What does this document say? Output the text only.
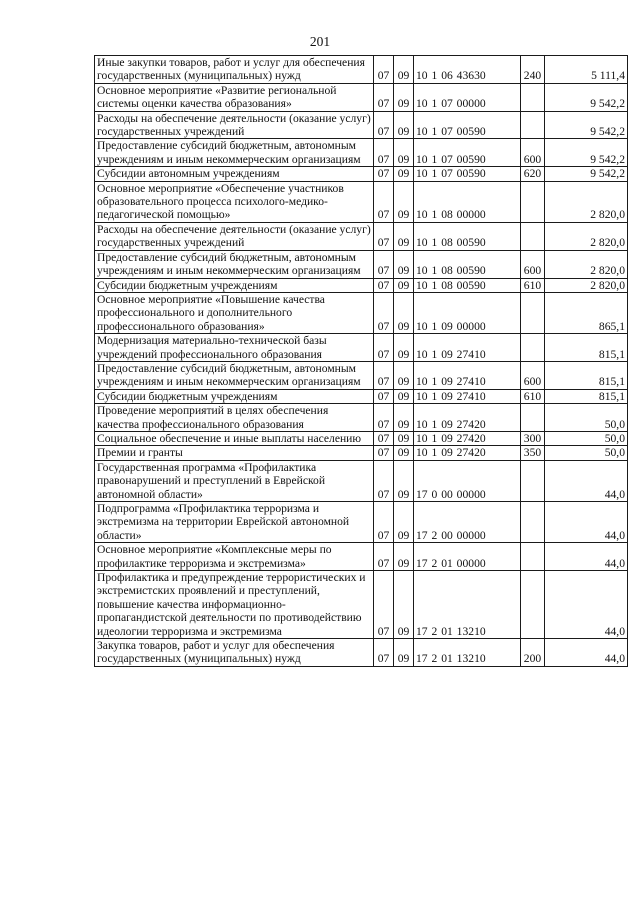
201
Иные закупки товаров, работ и услуг для обеспечения государственных (муниципальных) нужд	07	09	10 1 06 43630	240	5 111,4
Основное мероприятие «Развитие региональной системы оценки качества образования»	07	09	10 1 07 00000		9 542,2
Расходы на обеспечение деятельности (оказание услуг) государственных учреждений	07	09	10 1 07 00590		9 542,2
Предоставление субсидий бюджетным, автономным учреждениям и иным некоммерческим организациям	07	09	10 1 07 00590	600	9 542,2
Субсидии автономным учреждениям	07	09	10 1 07 00590	620	9 542,2
Основное мероприятие «Обеспечение участников образовательного процесса психолого-медико-педагогической помощью»	07	09	10 1 08 00000		2 820,0
Расходы на обеспечение деятельности (оказание услуг) государственных учреждений	07	09	10 1 08 00590		2 820,0
Предоставление субсидий бюджетным, автономным учреждениям и иным некоммерческим организациям	07	09	10 1 08 00590	600	2 820,0
Субсидии бюджетным учреждениям	07	09	10 1 08 00590	610	2 820,0
Основное мероприятие «Повышение качества профессионального и дополнительного профессионального образования»	07	09	10 1 09 00000		865,1
Модернизация материально-технической базы учреждений профессионального образования	07	09	10 1 09 27410		815,1
Предоставление субсидий бюджетным, автономным учреждениям и иным некоммерческим организациям	07	09	10 1 09 27410	600	815,1
Субсидии бюджетным учреждениям	07	09	10 1 09 27410	610	815,1
Проведение мероприятий в целях обеспечения качества профессионального образования	07	09	10 1 09 27420		50,0
Социальное обеспечение и иные выплаты населению	07	09	10 1 09 27420	300	50,0
Премии и гранты	07	09	10 1 09 27420	350	50,0
Государственная программа «Профилактика правонарушений и преступлений в Еврейской автономной области»	07	09	17 0 00 00000		44,0
Подпрограмма «Профилактика терроризма и экстремизма на территории Еврейской автономной области»	07	09	17 2 00 00000		44,0
Основное мероприятие «Комплексные меры по профилактике терроризма и экстремизма»	07	09	17 2 01 00000		44,0
Профилактика и предупреждение террористических и экстремистских проявлений и преступлений, повышение качества информационно-пропагандистской деятельности по противодействию идеологии терроризма и экстремизма	07	09	17 2 01 13210		44,0
Закупка товаров, работ и услуг для обеспечения государственных (муниципальных) нужд	07	09	17 2 01 13210	200	44,0
